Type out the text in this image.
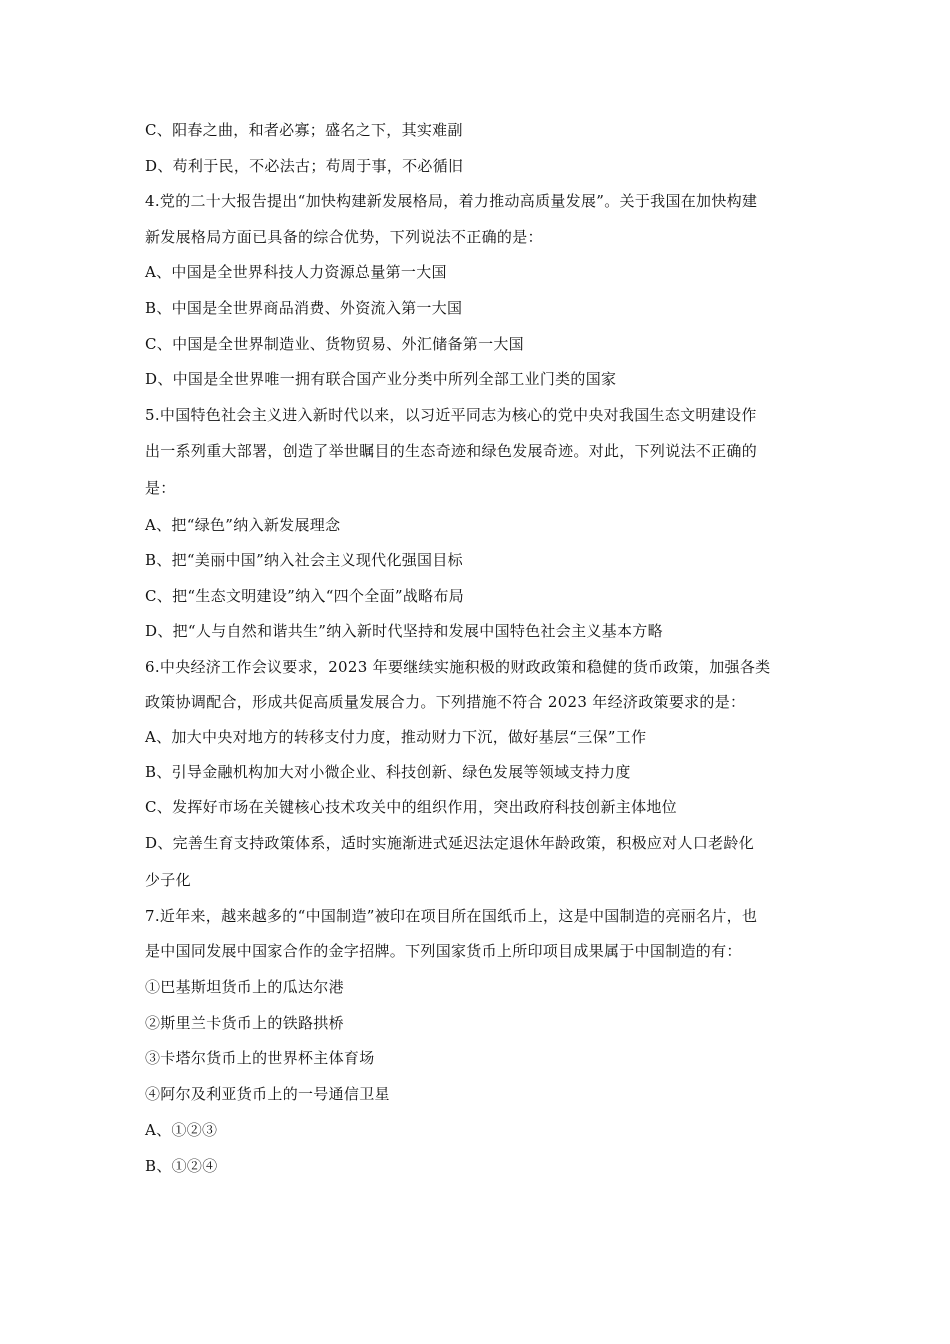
C、阳春之曲，和者必寡；盛名之下，其实难副
D、苟利于民，不必法古；苟周于事，不必循旧
4.党的二十大报告提出“加快构建新发展格局，着力推动高质量发展”。关于我国在加快构建
新发展格局方面已具备的综合优势，下列说法不正确的是：
A、中国是全世界科技人力资源总量第一大国
B、中国是全世界商品消费、外资流入第一大国
C、中国是全世界制造业、货物贸易、外汇储备第一大国
D、中国是全世界唯一拥有联合国产业分类中所列全部工业门类的国家
5.中国特色社会主义进入新时代以来，以习近平同志为核心的党中央对我国生态文明建设作
出一系列重大部署，创造了举世瞩目的生态奇迹和绿色发展奇迹。对此，下列说法不正确的
是：
A、把“绿色”纳入新发展理念
B、把“美丽中国”纳入社会主义现代化强国目标
C、把“生态文明建设”纳入“四个全面”战略布局
D、把“人与自然和谐共生”纳入新时代坚持和发展中国特色社会主义基本方略
6.中央经济工作会议要求，2023 年要继续实施积极的财政政策和稳健的货币政策，加强各类
政策协调配合，形成共促高质量发展合力。下列措施不符合 2023 年经济政策要求的是：
A、加大中央对地方的转移支付力度，推动财力下沉，做好基层“三保”工作
B、引导金融机构加大对小微企业、科技创新、绿色发展等领域支持力度
C、发挥好市场在关键核心技术攻关中的组织作用，突出政府科技创新主体地位
D、完善生育支持政策体系，适时实施渐进式延迟法定退休年龄政策，积极应对人口老龄化
少子化
7.近年来，越来越多的“中国制造”被印在项目所在国纸币上，这是中国制造的亮丽名片，也
是中国同发展中国家合作的金字招牌。下列国家货币上所印项目成果属于中国制造的有：
①巴基斯坦货币上的瓜达尔港
②斯里兰卡货币上的铁路拱桥
③卡塔尔货币上的世界杯主体育场
④阿尔及利亚货币上的一号通信卫星
A、①②③
B、①②④
